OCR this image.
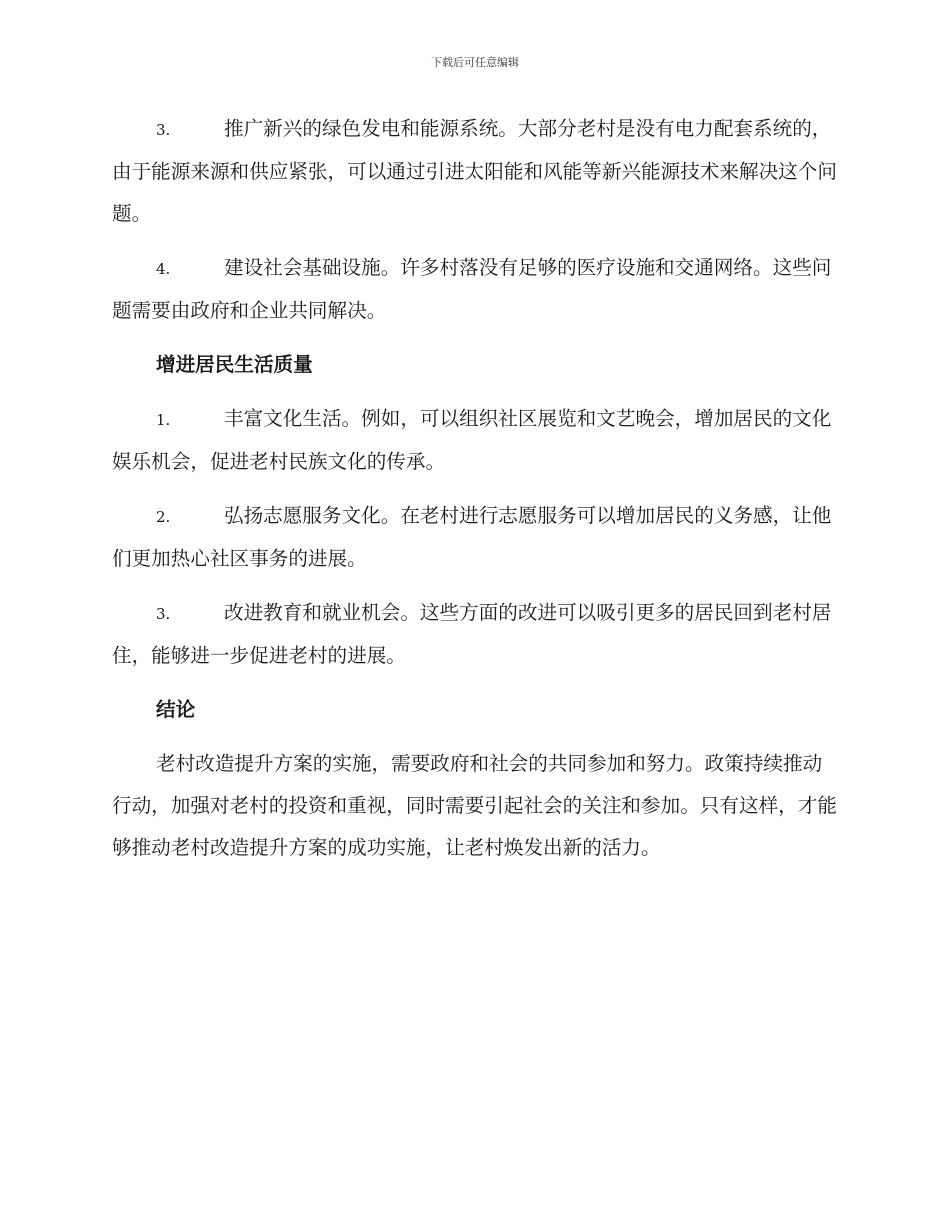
下载后可任意编辑

3.	推广新兴的绿色发电和能源系统。大部分老村是没有电力配套系统的，由于能源来源和供应紧张，可以通过引进太阳能和风能等新兴能源技术来解决这个问题。

4.	建设社会基础设施。许多村落没有足够的医疗设施和交通网络。这些问题需要由政府和企业共同解决。

增进居民生活质量

1.	丰富文化生活。例如，可以组织社区展览和文艺晚会，增加居民的文化娱乐机会，促进老村民族文化的传承。

2.	弘扬志愿服务文化。在老村进行志愿服务可以增加居民的义务感，让他们更加热心社区事务的进展。

3.	改进教育和就业机会。这些方面的改进可以吸引更多的居民回到老村居住，能够进一步促进老村的进展。

结论

老村改造提升方案的实施，需要政府和社会的共同参加和努力。政策持续推动行动，加强对老村的投资和重视，同时需要引起社会的关注和参加。只有这样，才能够推动老村改造提升方案的成功实施，让老村焕发出新的活力。
